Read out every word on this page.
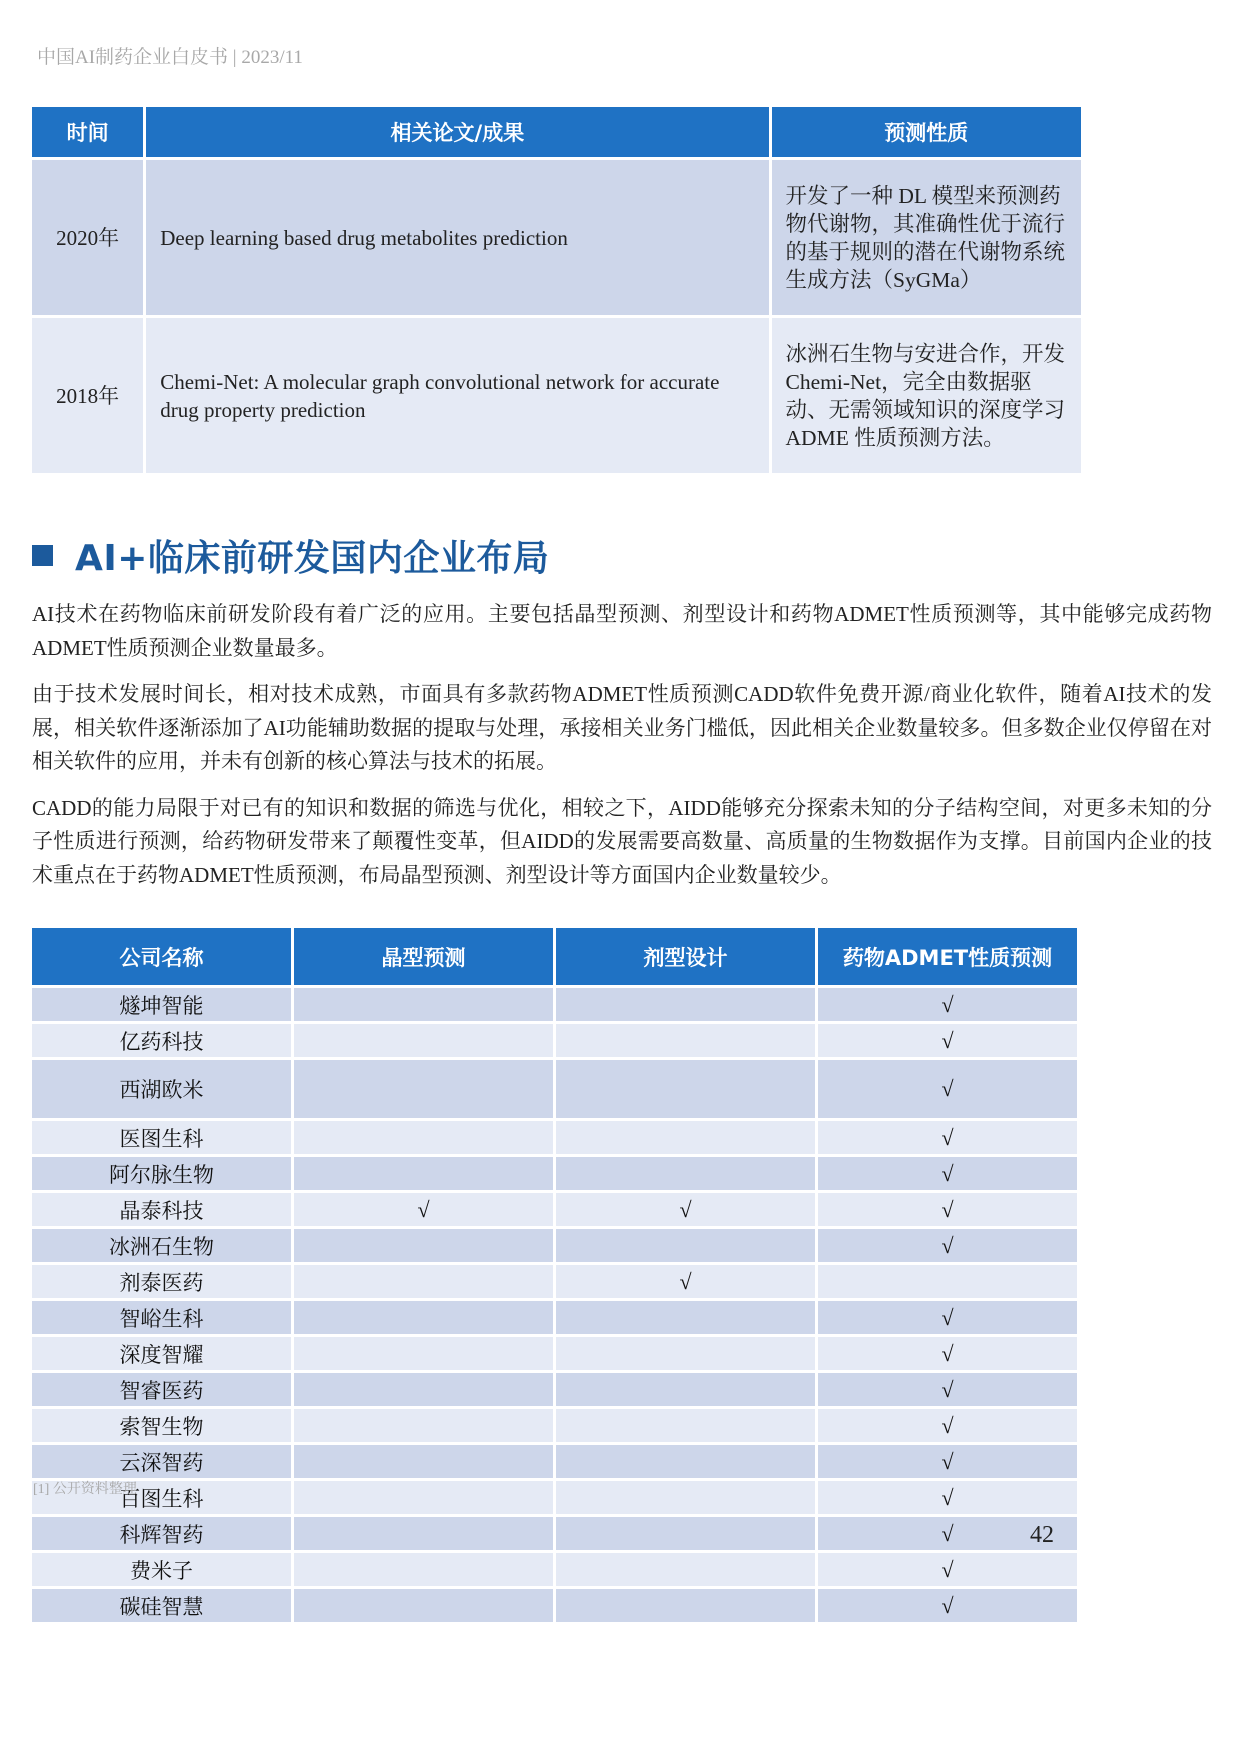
中国AI制药企业白皮书 | 2023/11
时间	相关论文/成果	预测性质
2020年	Deep learning based drug metabolites prediction	开发了一种 DL 模型来预测药物代谢物，其准确性优于流行的基于规则的潜在代谢物系统生成方法（SyGMa）
2018年	Chemi-Net: A molecular graph convolutional network for accurate drug property prediction	冰洲石生物与安进合作，开发Chemi-Net，完全由数据驱动、无需领域知识的深度学习ADME 性质预测方法。
AI+临床前研发国内企业布局

AI技术在药物临床前研发阶段有着广泛的应用。主要包括晶型预测、剂型设计和药物ADMET性质预测等，其中能够完成药物ADMET性质预测企业数量最多。

由于技术发展时间长，相对技术成熟，市面具有多款药物ADMET性质预测CADD软件免费开源/商业化软件，随着AI技术的发展，相关软件逐渐添加了AI功能辅助数据的提取与处理，承接相关业务门槛低，因此相关企业数量较多。但多数企业仅停留在对相关软件的应用，并未有创新的核心算法与技术的拓展。

CADD的能力局限于对已有的知识和数据的筛选与优化，相较之下，AIDD能够充分探索未知的分子结构空间，对更多未知的分子性质进行预测，给药物研发带来了颠覆性变革，但AIDD的发展需要高数量、高质量的生物数据作为支撑。目前国内企业的技术重点在于药物ADMET性质预测，布局晶型预测、剂型设计等方面国内企业数量较少。

公司名称	晶型预测	剂型设计	药物ADMET性质预测
燧坤智能			√
亿药科技			√
西湖欧米			√
医图生科			√
阿尔脉生物			√
晶泰科技	√	√	√
冰洲石生物			√
剂泰医药		√	
智峪生科			√
深度智耀			√
智睿医药			√
索智生物			√
云深智药			√
百图生科			√
科辉智药			√
费米子			√
碳硅智慧			√
[1] 公开资料整理
42
